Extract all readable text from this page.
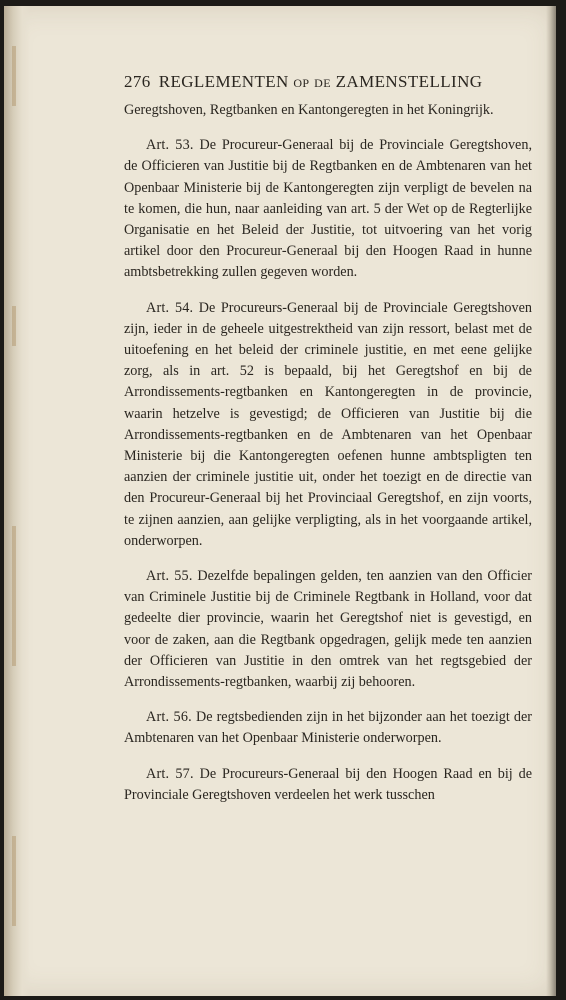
276 REGLEMENTEN OP DE ZAMENSTELLING

Geregtshoven, Regtbanken en Kantongeregten in het Koningrijk.

Art. 53. De Procureur-Generaal bij de Provinciale Geregtshoven, de Officieren van Justitie bij de Regtbanken en de Ambtenaren van het Openbaar Ministerie bij de Kantongeregten zijn verpligt de bevelen na te komen, die hun, naar aanleiding van art. 5 der Wet op de Regterlijke Organisatie en het Beleid der Justitie, tot uitvoering van het vorig artikel door den Procureur-Generaal bij den Hoogen Raad in hunne ambtsbetrekking zullen gegeven worden.

Art. 54. De Procureurs-Generaal bij de Provinciale Geregtshoven zijn, ieder in de geheele uitgestrektheid van zijn ressort, belast met de uitoefening en het beleid der criminele justitie, en met eene gelijke zorg, als in art. 52 is bepaald, bij het Geregtshof en bij de Arrondissements-regtbanken en Kantongeregten in de provincie, waarin hetzelve is gevestigd; de Officieren van Justitie bij die Arrondissements-regtbanken en de Ambtenaren van het Openbaar Ministerie bij die Kantongeregten oefenen hunne ambtspligten ten aanzien der criminele justitie uit, onder het toezigt en de directie van den Procureur-Generaal bij het Provinciaal Geregtshof, en zijn voorts, te zijnen aanzien, aan gelijke verpligting, als in het voorgaande artikel, onderworpen.

Art. 55. Dezelfde bepalingen gelden, ten aanzien van den Officier van Criminele Justitie bij de Criminele Regtbank in Holland, voor dat gedeelte dier provincie, waarin het Geregtshof niet is gevestigd, en voor de zaken, aan die Regtbank opgedragen, gelijk mede ten aanzien der Officieren van Justitie in den omtrek van het regtsgebied der Arrondissements-regtbanken, waarbij zij behooren.

Art. 56. De regtsbedienden zijn in het bijzonder aan het toezigt der Ambtenaren van het Openbaar Ministerie onderworpen.

Art. 57. De Procureurs-Generaal bij den Hoogen Raad en bij de Provinciale Geregtshoven verdeelen het werk tusschen
